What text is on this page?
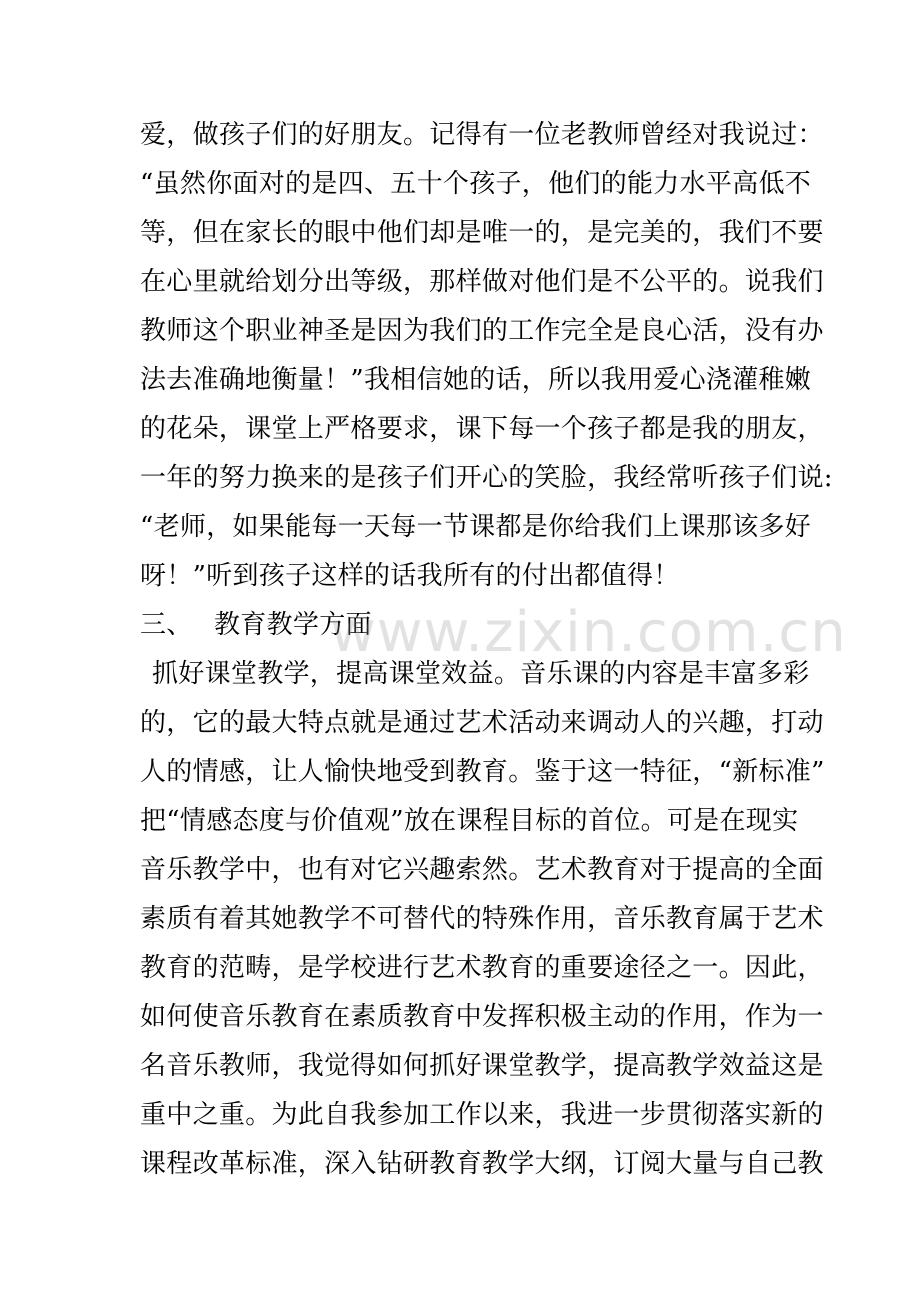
爱，做孩子们的好朋友。记得有一位老教师曾经对我说过：
“虽然你面对的是四、五十个孩子，他们的能力水平高低不
等，但在家长的眼中他们却是唯一的，是完美的，我们不要
在心里就给划分出等级，那样做对他们是不公平的。说我们
教师这个职业神圣是因为我们的工作完全是良心活，没有办
法去准确地衡量！”我相信她的话，所以我用爱心浇灌稚嫩
的花朵，课堂上严格要求，课下每一个孩子都是我的朋友，
一年的努力换来的是孩子们开心的笑脸，我经常听孩子们说:
“老师，如果能每一天每一节课都是你给我们上课那该多好
呀！”听到孩子这样的话我所有的付出都值得！
三、 教育教学方面
抓好课堂教学，提高课堂效益。音乐课的内容是丰富多彩
的，它的最大特点就是通过艺术活动来调动人的兴趣，打动
人的情感，让人愉快地受到教育。鉴于这一特征，“新标准”
把“情感态度与价值观”放在课程目标的首位。可是在现实
音乐教学中，也有对它兴趣索然。艺术教育对于提高的全面
素质有着其她教学不可替代的特殊作用，音乐教育属于艺术
教育的范畴，是学校进行艺术教育的重要途径之一。因此，
如何使音乐教育在素质教育中发挥积极主动的作用，作为一
名音乐教师，我觉得如何抓好课堂教学，提高教学效益这是
重中之重。为此自我参加工作以来，我进一步贯彻落实新的
课程改革标准，深入钻研教育教学大纲，订阅大量与自己教
www.zixin.com.cn
